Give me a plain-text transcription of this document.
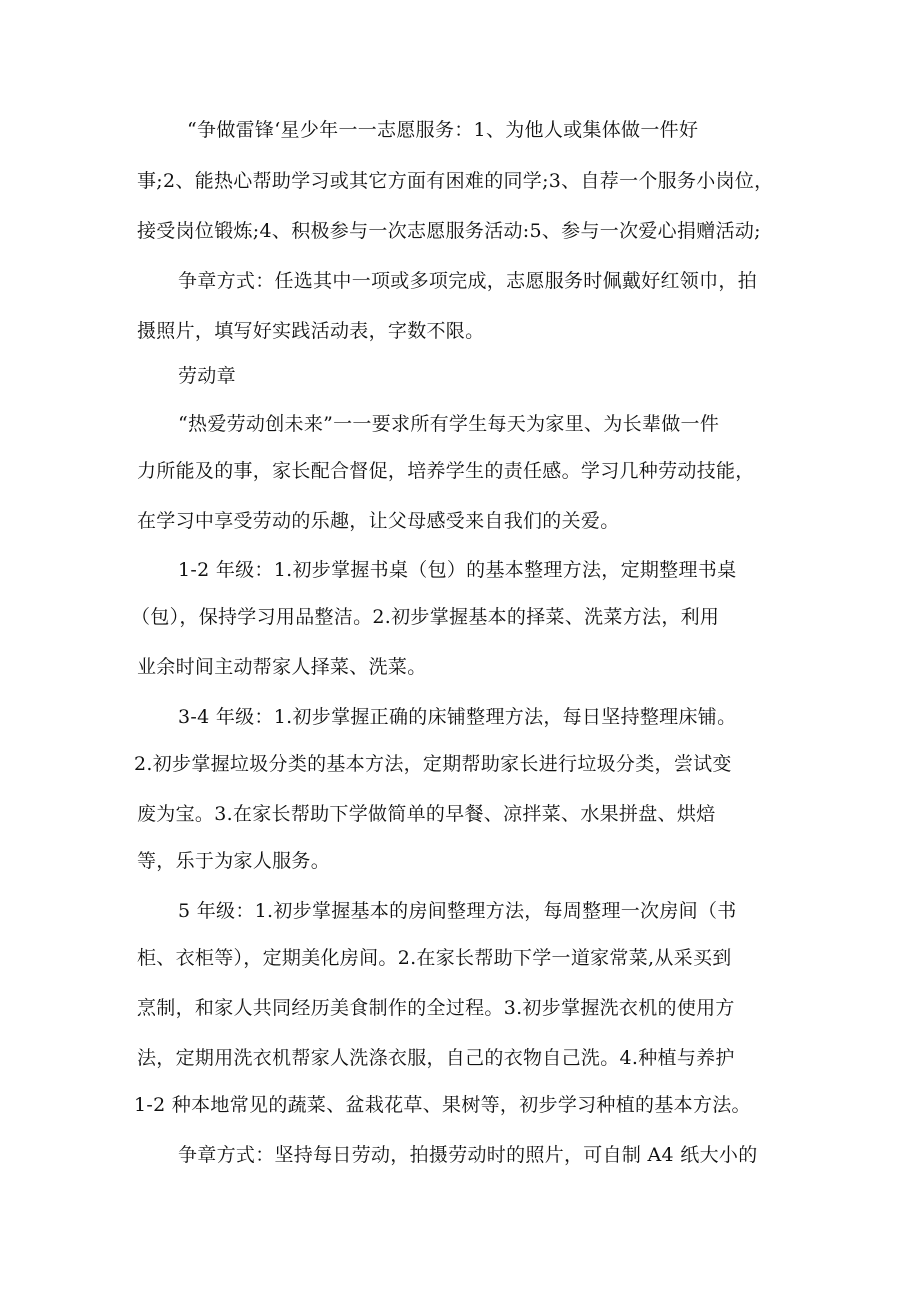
“争做雷锋‘星少年一一志愿服务：1、为他人或集体做一件好
事;2、能热心帮助学习或其它方面有困难的同学;3、自荐一个服务小岗位，
接受岗位锻炼;4、积极参与一次志愿服务活动:5、参与一次爱心捐赠活动;
争章方式：任选其中一项或多项完成，志愿服务时佩戴好红领巾，拍
摄照片，填写好实践活动表，字数不限。
劳动章
“热爱劳动创未来”一一要求所有学生每天为家里、为长辈做一件
力所能及的事，家长配合督促，培养学生的责任感。学习几种劳动技能，
在学习中享受劳动的乐趣，让父母感受来自我们的关爱。
1-2 年级：1.初步掌握书桌（包）的基本整理方法，定期整理书桌
（包），保持学习用品整洁。2.初步掌握基本的择菜、洗菜方法，利用
业余时间主动帮家人择菜、洗菜。
3-4 年级：1.初步掌握正确的床铺整理方法，每日坚持整理床铺。
2.初步掌握垃圾分类的基本方法，定期帮助家长进行垃圾分类，尝试变
废为宝。3.在家长帮助下学做简单的早餐、凉拌菜、水果拼盘、烘焙
等，乐于为家人服务。
5 年级：1.初步掌握基本的房间整理方法，每周整理一次房间（书
柜、衣柜等），定期美化房间。2.在家长帮助下学一道家常菜,从采买到
烹制，和家人共同经历美食制作的全过程。3.初步掌握洗衣机的使用方
法，定期用洗衣机帮家人洗涤衣服，自己的衣物自己洗。4.种植与养护
1-2 种本地常见的蔬菜、盆栽花草、果树等，初步学习种植的基本方法。
争章方式：坚持每日劳动，拍摄劳动时的照片，可自制 A4 纸大小的
